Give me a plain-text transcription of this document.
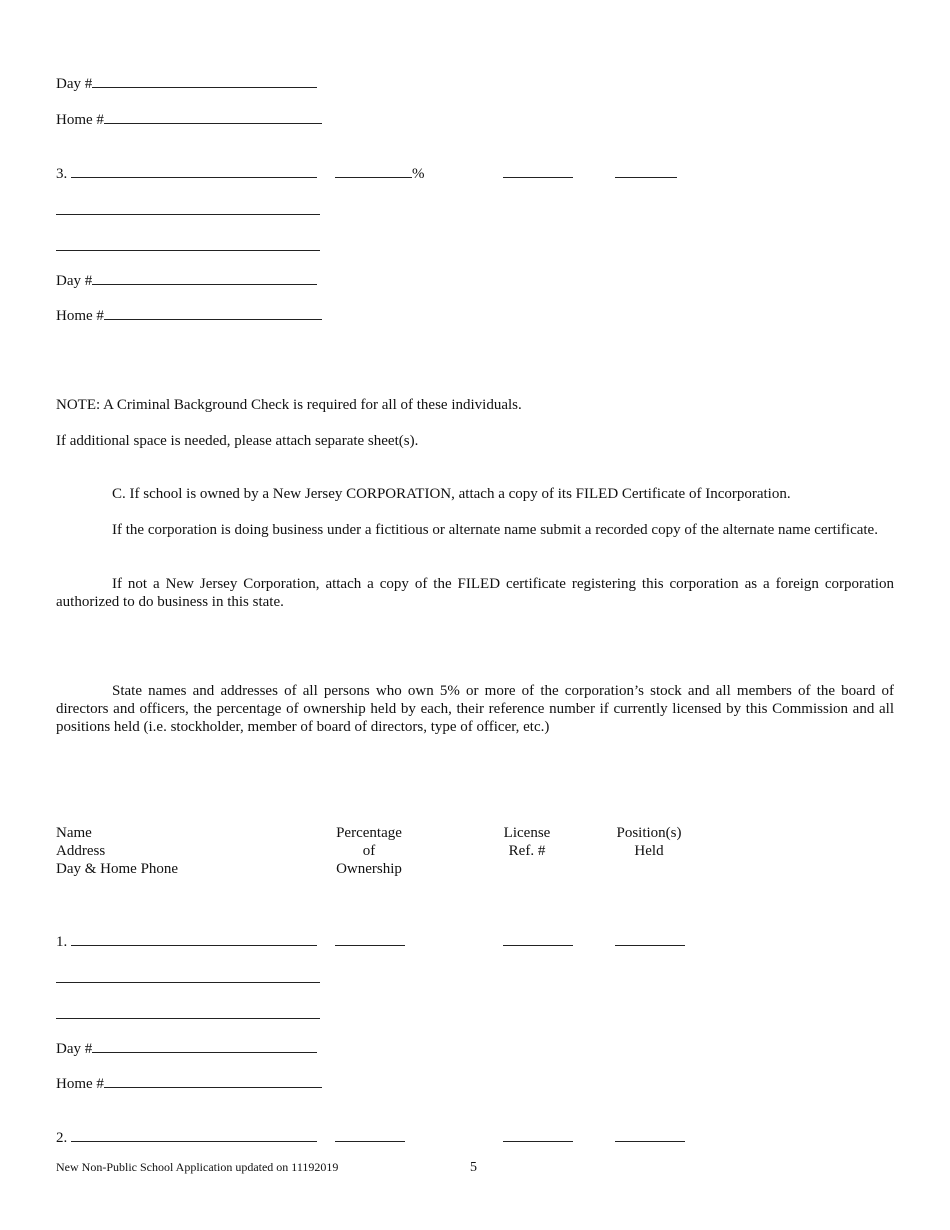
Day #
Home #
3.	%
Day #
Home #
NOTE: A Criminal Background Check is required for all of these individuals.
If additional space is needed, please attach separate sheet(s).
C. If school is owned by a New Jersey CORPORATION, attach a copy of its FILED Certificate of Incorporation.
If the corporation is doing business under a fictitious or alternate name submit a recorded copy of the alternate name certificate.
If not a New Jersey Corporation, attach a copy of the FILED certificate registering this corporation as a foreign corporation authorized to do business in this state.
State names and addresses of all persons who own 5% or more of the corporation’s stock and all members of the board of directors and officers, the percentage of ownership held by each, their reference number if currently licensed by this Commission and all positions held (i.e. stockholder, member of board of directors, type of officer, etc.)
Name
Address
Day & Home Phone
Percentage
of
Ownership
License
Ref. #
Position(s)
Held
1.
Day #
Home #
2.
New Non-Public School Application updated on 11192019	5
